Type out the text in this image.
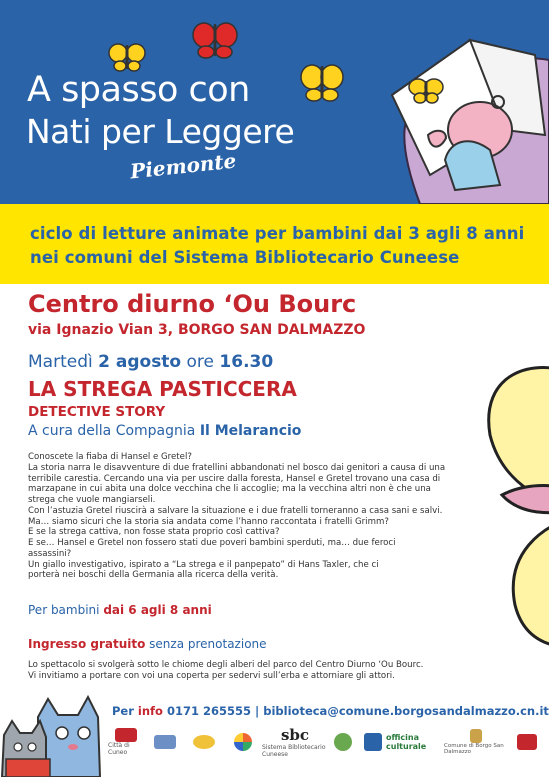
A spasso con
Nati per Leggere
Piemonte
ciclo di letture animate per bambini dai 3 agli 8 anni
nei comuni del Sistema Bibliotecario Cuneese
Centro diurno ‘Ou Bourc
via Ignazio Vian 3, BORGO SAN DALMAZZO
Martedì 2 agosto ore 16.30
LA STREGA PASTICCERA
DETECTIVE STORY
A cura della Compagnia Il Melarancio
Conoscete la fiaba di Hansel e Gretel?
La storia narra le disavventure di due fratellini abbandonati nel bosco dai genitori a causa di una
terribile carestia. Cercando una via per uscire dalla foresta, Hansel e Gretel trovano una casa di
marzapane in cui abita una dolce vecchina che li accoglie; ma la vecchina altri non è che una
strega che vuole mangiarseli.
Con l’astuzia Gretel riuscirà a salvare la situazione e i due fratelli torneranno a casa sani e salvi.
Ma… siamo sicuri che la storia sia andata come l’hanno raccontata i fratelli Grimm?
E se la strega cattiva, non fosse stata proprio così cattiva?
E se… Hansel e Gretel non fossero stati due poveri bambini sperduti, ma… due feroci
assassini?
Un giallo investigativo, ispirato a “La strega e il panpepato” di Hans Taxler, che ci
porterà nei boschi della Germania alla ricerca della verità.
Per bambini dai 6 agli 8 anni
Ingresso gratuito senza prenotazione
Lo spettacolo si svolgerà sotto le chiome degli alberi del parco del Centro Diurno ‘Ou Bourc.
Vi invitiamo a portare con voi una coperta per sedervi sull’erba e attorniare gli attori.
Per info 0171 265555 | biblioteca@comune.borgosandalmazzo.cn.it
Città di Cuneo
sbc
Sistema Bibliotecario Cuneese
officina culturale	Comune di Borgo San Dalmazzo
